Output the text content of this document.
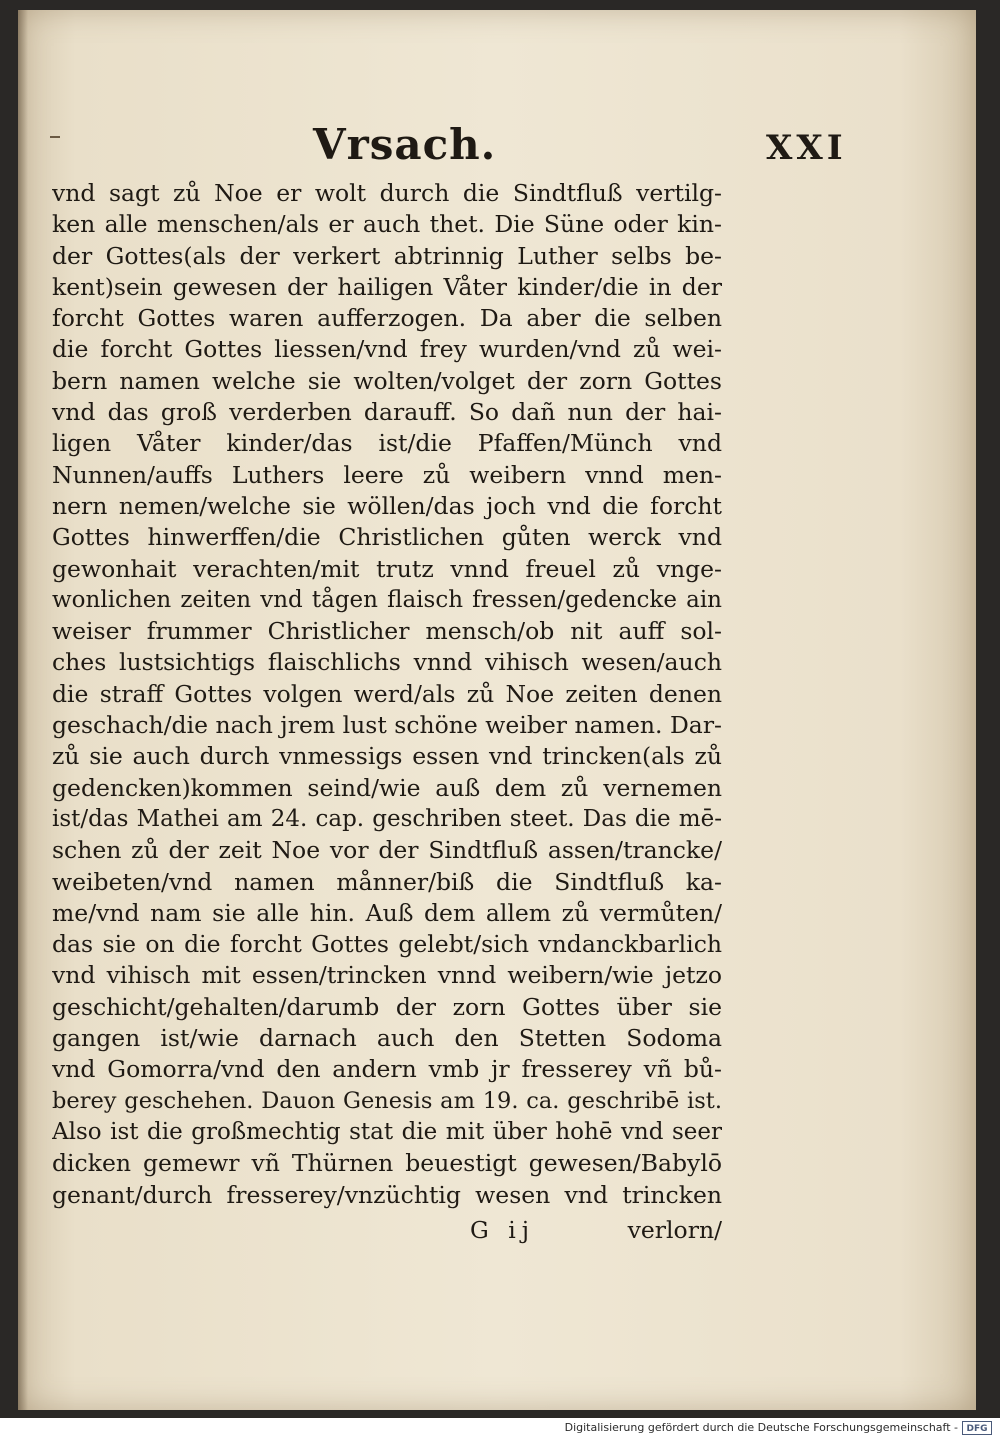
Vrsach.	XXI
vnd sagt zů Noe er wolt durch die Sindtfluß vertilg-
ken alle menschen/als er auch thet. Die Süne oder kin-
der Gottes(als der verkert abtrinnig Luther selbs be-
kent)sein gewesen der hailigen Våter kinder/die in der
forcht Gottes waren aufferzogen. Da aber die selben
die forcht Gottes liessen/vnd frey wurden/vnd zů wei-
bern namen welche sie wolten/volget der zorn Gottes
vnd das groß verderben darauff. So dañ nun der hai-
ligen Våter kinder/das ist/die Pfaffen/Münch vnd
Nunnen/auffs Luthers leere zů weibern vnnd men-
nern nemen/welche sie wöllen/das joch vnd die forcht
Gottes hinwerffen/die Christlichen gůten werck vnd
gewonhait verachten/mit trutz vnnd freuel zů vnge-
wonlichen zeiten vnd tågen flaisch fressen/gedencke ain
weiser frummer Christlicher mensch/ob nit auff sol-
ches lustsichtigs flaischlichs vnnd vihisch wesen/auch
die straff Gottes volgen werd/als zů Noe zeiten denen
geschach/die nach jrem lust schöne weiber namen. Dar-
zů sie auch durch vnmessigs essen vnd trincken(als zů
gedencken)kommen seind/wie auß dem zů vernemen
ist/das Mathei am 24. cap. geschriben steet. Das die mē-
schen zů der zeit Noe vor der Sindtfluß assen/trancke/
weibeten/vnd namen månner/biß die Sindtfluß ka-
me/vnd nam sie alle hin. Auß dem allem zů vermůten/
das sie on die forcht Gottes gelebt/sich vndanckbarlich
vnd vihisch mit essen/trincken vnnd weibern/wie jetzo
geschicht/gehalten/darumb der zorn Gottes über sie
gangen ist/wie darnach auch den Stetten Sodoma
vnd Gomorra/vnd den andern vmb jr fresserey vñ bů-
berey geschehen. Dauon Genesis am 19. ca. geschribē ist.
Also ist die großmechtig stat die mit über hohē vnd seer
dicken gemewr vñ Thürnen beuestigt gewesen/Babylō
genant/durch fresserey/vnzüchtig wesen vnd trincken
G ij	verlorn/
Digitalisierung gefördert durch die Deutsche Forschungsgemeinschaft - DFG
